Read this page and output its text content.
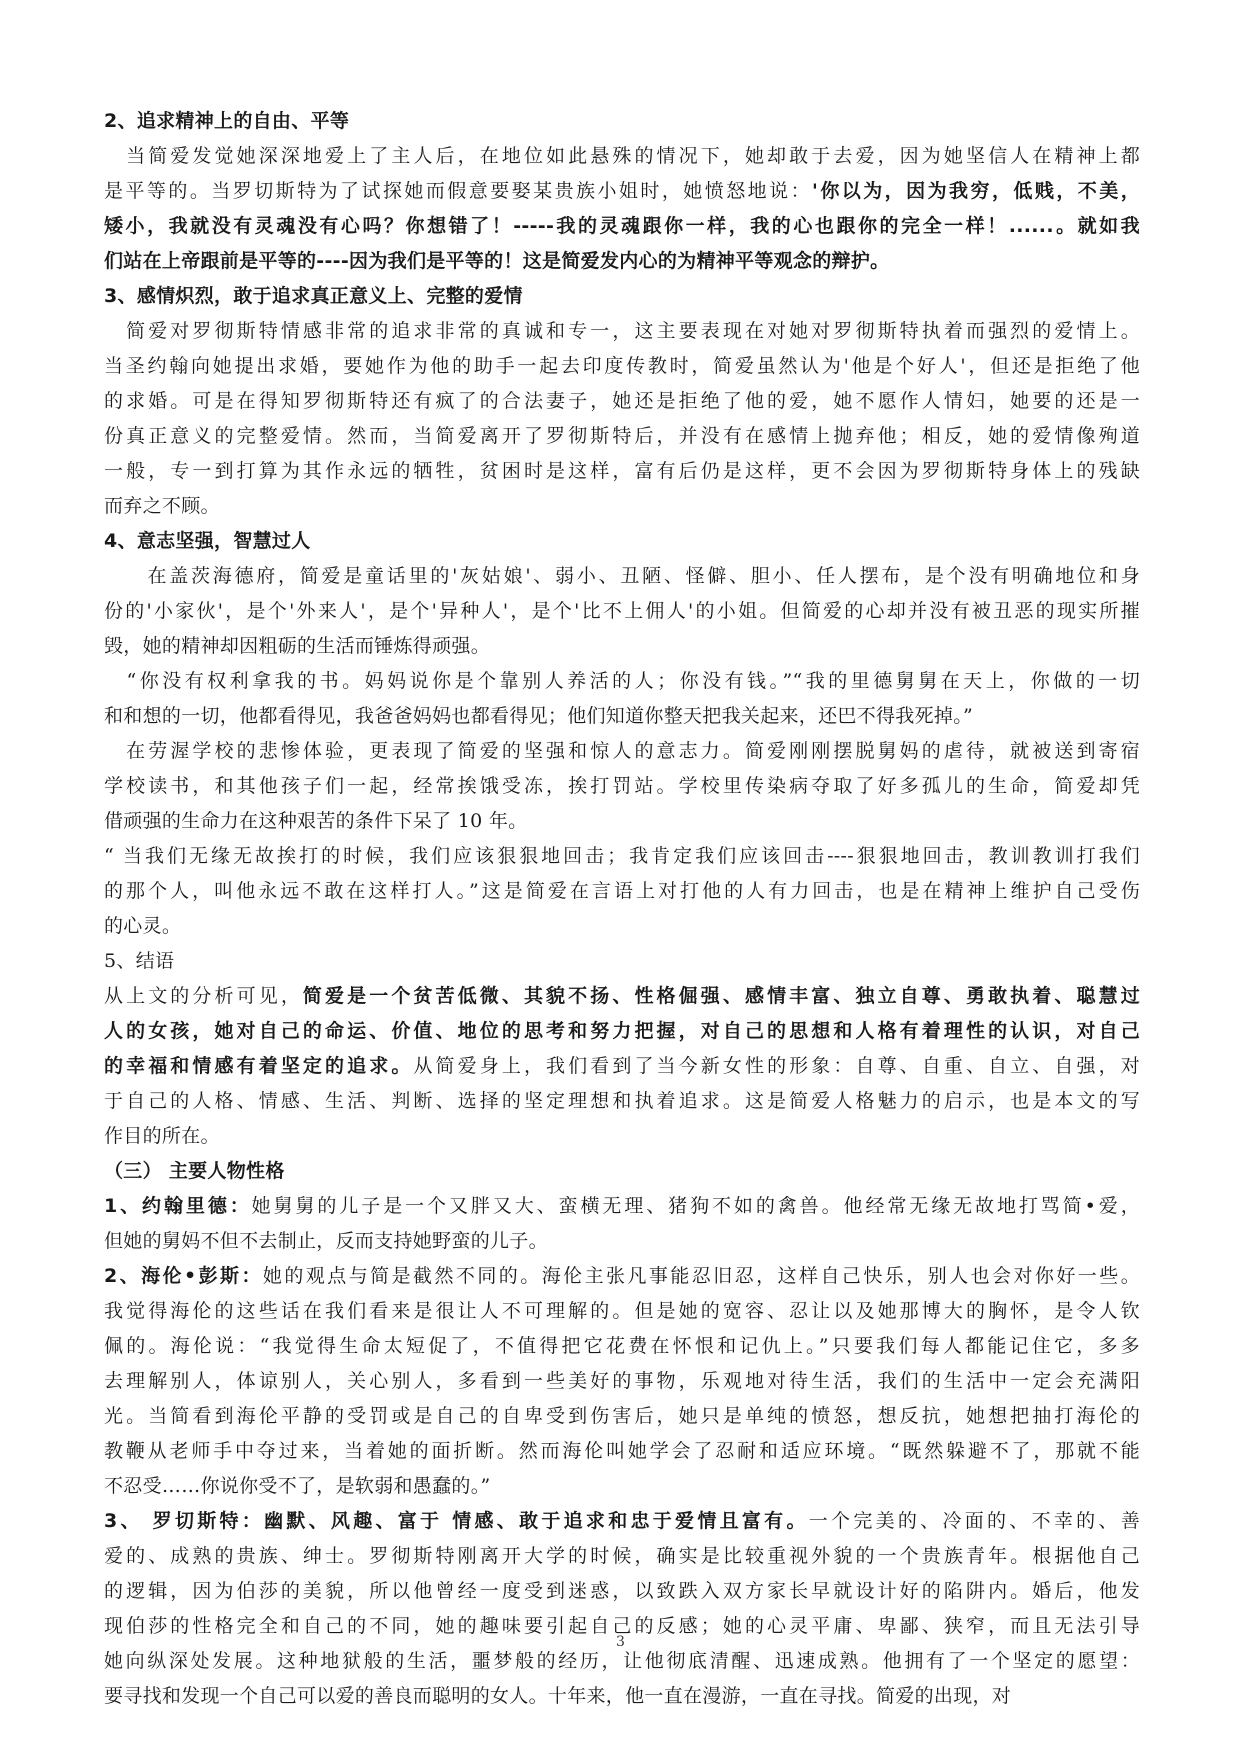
2、追求精神上的自由、平等
　当简爱发觉她深深地爱上了主人后，在地位如此悬殊的情况下，她却敢于去爱，因为她坚信人在精神上都
是平等的。当罗切斯特为了试探她而假意要娶某贵族小姐时，她愤怒地说：'你以为，因为我穷，低贱，不美，
矮小，我就没有灵魂没有心吗？你想错了！-----我的灵魂跟你一样，我的心也跟你的完全一样！......。就如我
们站在上帝跟前是平等的----因为我们是平等的！这是简爱发内心的为精神平等观念的辩护。
3、感情炽烈，敢于追求真正意义上、完整的爱情
　简爱对罗彻斯特情感非常的追求非常的真诚和专一，这主要表现在对她对罗彻斯特执着而强烈的爱情上。
当圣约翰向她提出求婚，要她作为他的助手一起去印度传教时，简爱虽然认为'他是个好人'，但还是拒绝了他
的求婚。可是在得知罗彻斯特还有疯了的合法妻子，她还是拒绝了他的爱，她不愿作人情妇，她要的还是一
份真正意义的完整爱情。然而，当简爱离开了罗彻斯特后，并没有在感情上抛弃他；相反，她的爱情像殉道
一般，专一到打算为其作永远的牺牲，贫困时是这样，富有后仍是这样，更不会因为罗彻斯特身体上的残缺
而弃之不顾。
4、意志坚强，智慧过人
　　在盖茨海德府，简爱是童话里的'灰姑娘'、弱小、丑陋、怪僻、胆小、任人摆布，是个没有明确地位和身
份的'小家伙'，是个'外来人'，是个'异种人'，是个'比不上佣人'的小姐。但简爱的心却并没有被丑恶的现实所摧
毁，她的精神却因粗砺的生活而锤炼得顽强。
　“你没有权利拿我的书。妈妈说你是个靠别人养活的人；你没有钱。”“我的里德舅舅在天上，你做的一切
和和想的一切，他都看得见，我爸爸妈妈也都看得见；他们知道你整天把我关起来，还巴不得我死掉。”
　在劳渥学校的悲惨体验，更表现了简爱的坚强和惊人的意志力。简爱刚刚摆脱舅妈的虐待，就被送到寄宿
学校读书，和其他孩子们一起，经常挨饿受冻，挨打罚站。学校里传染病夺取了好多孤儿的生命，简爱却凭
借顽强的生命力在这种艰苦的条件下呆了 10 年。
“ 当我们无缘无故挨打的时候，我们应该狠狠地回击；我肯定我们应该回击----狠狠地回击，教训教训打我们
的那个人，叫他永远不敢在这样打人。”这是简爱在言语上对打他的人有力回击，也是在精神上维护自己受伤
的心灵。
5、结语
从上文的分析可见，简爱是一个贫苦低微、其貌不扬、性格倔强、感情丰富、独立自尊、勇敢执着、聪慧过
人的女孩，她对自己的命运、价值、地位的思考和努力把握，对自己的思想和人格有着理性的认识，对自己
的幸福和情感有着坚定的追求。从简爱身上，我们看到了当今新女性的形象：自尊、自重、自立、自强，对
于自己的人格、情感、生活、判断、选择的坚定理想和执着追求。这是简爱人格魅力的启示，也是本文的写
作目的所在。
（三） 主要人物性格
1、约翰里德：她舅舅的儿子是一个又胖又大、蛮横无理、猪狗不如的禽兽。他经常无缘无故地打骂简•爱，
但她的舅妈不但不去制止，反而支持她野蛮的儿子。
2、海伦•彭斯：她的观点与简是截然不同的。海伦主张凡事能忍旧忍，这样自己快乐，别人也会对你好一些。
我觉得海伦的这些话在我们看来是很让人不可理解的。但是她的宽容、忍让以及她那博大的胸怀，是令人钦
佩的。海伦说：“我觉得生命太短促了，不值得把它花费在怀恨和记仇上。”只要我们每人都能记住它，多多
去理解别人，体谅别人，关心别人，多看到一些美好的事物，乐观地对待生活，我们的生活中一定会充满阳
光。当简看到海伦平静的受罚或是自己的自卑受到伤害后，她只是单纯的愤怒，想反抗，她想把抽打海伦的
教鞭从老师手中夺过来，当着她的面折断。然而海伦叫她学会了忍耐和适应环境。“既然躲避不了，那就不能
不忍受……你说你受不了，是软弱和愚蠢的。”
3、 罗切斯特：幽默、风趣、富于 情感、敢于追求和忠于爱情且富有。一个完美的、冷面的、不幸的、善
爱的、成熟的贵族、绅士。罗彻斯特刚离开大学的时候，确实是比较重视外貌的一个贵族青年。根据他自己
的逻辑，因为伯莎的美貌，所以他曾经一度受到迷惑，以致跌入双方家长早就设计好的陷阱内。婚后，他发
现伯莎的性格完全和自己的不同，她的趣味要引起自己的反感；她的心灵平庸、卑鄙、狭窄，而且无法引导
她向纵深处发展。这种地狱般的生活，噩梦般的经历，让他彻底清醒、迅速成熟。他拥有了一个坚定的愿望：
要寻找和发现一个自己可以爱的善良而聪明的女人。十年来，他一直在漫游，一直在寻找。简爱的出现，对
3
